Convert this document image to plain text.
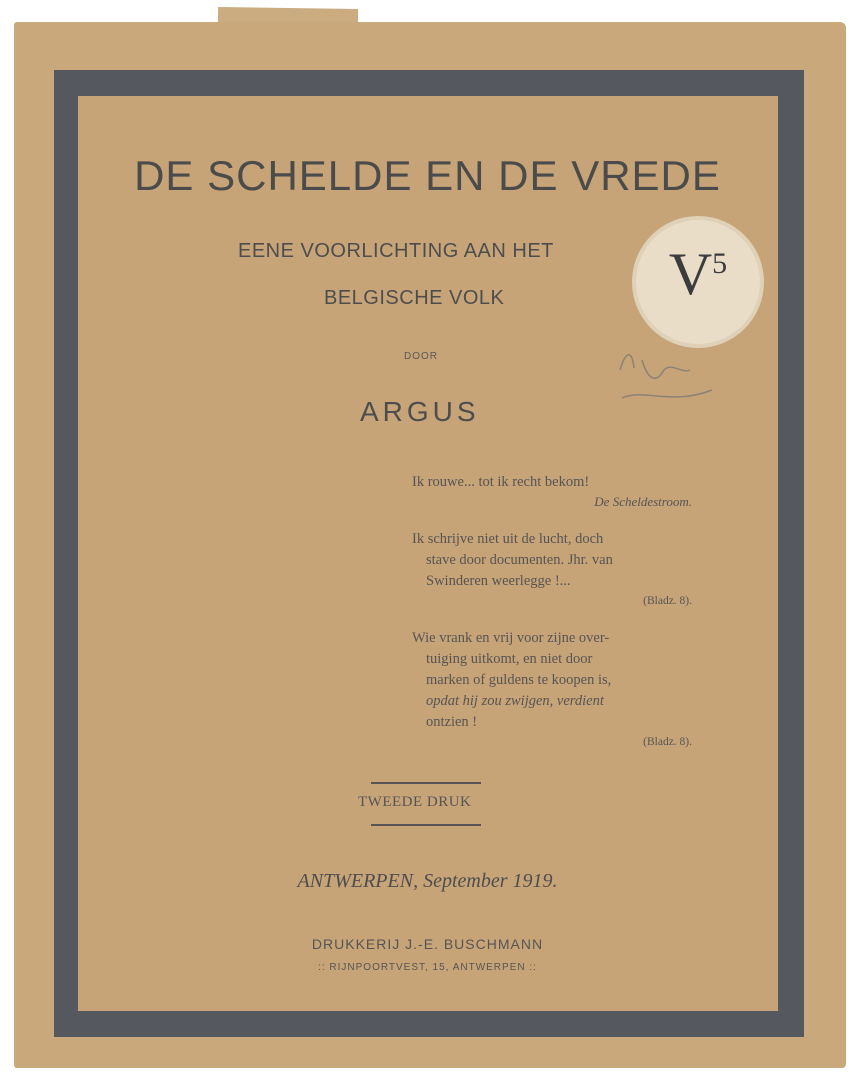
DE SCHELDE EN DE VREDE
EENE VOORLICHTING AAN HET
BELGISCHE VOLK
DOOR
ARGUS

Ik rouwe... tot ik recht bekom!

De Scheldestroom.

Ik schrijve niet uit de lucht, doch

stave door documenten. Jhr. van

Swinderen weerlegge !...

(Bladz. 8).

Wie vrank en vrij voor zijne over-

tuiging uitkomt, en niet door

marken of guldens te koopen is,

opdat hij zou zwijgen, verdient

ontzien !

(Bladz. 8).
TWEEDE DRUK
ANTWERPEN, September 1919.
DRUKKERIJ J.-E. BUSCHMANN
:: RIJNPOORTVEST, 15, ANTWERPEN ::
$V^5$
